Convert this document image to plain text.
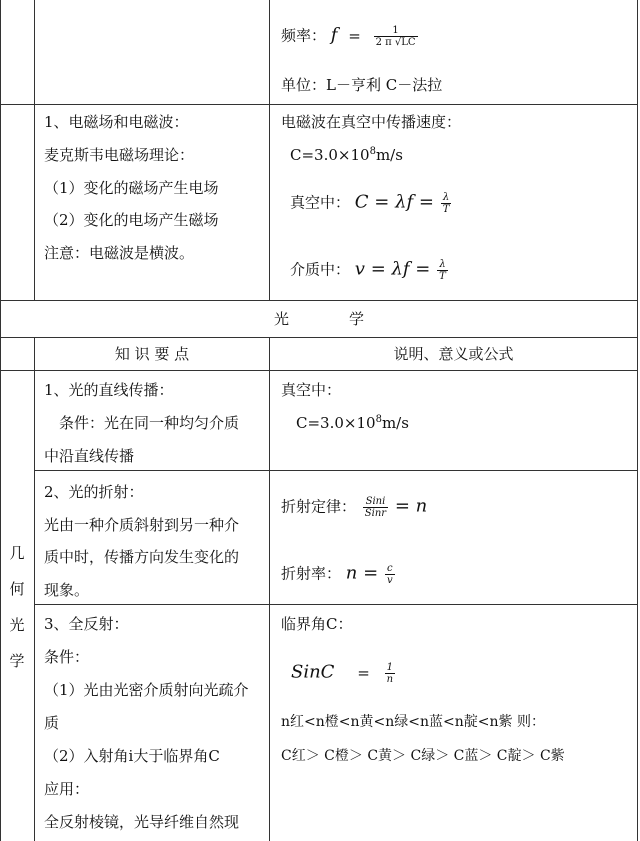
频率： $f = \frac{1}{2 \pi √LC}$
单位：L－亨利 C－法拉
1、电磁场和电磁波：
麦克斯韦电磁场理论：
（1）变化的磁场产生电场
（2）变化的电场产生磁场
注意：电磁波是横波。
电磁波在真空中传播速度：
$C=3.0\times 10^8m/s$
真空中： $C = \lambda f = \frac{\lambda}{T}$
介质中： $v = \lambda f = \frac{\lambda}{T}$
光　　　　学
知 识 要 点	说明、意义或公式
几
何
光
学
1、光的直线传播：
　条件：光在同一种均匀介质
中沿直线传播
真空中：
$C=3.0\times 10^8m/s$
2、光的折射：
光由一种介质斜射到另一种介
质中时，传播方向发生变化的
现象。
折射定律： $\frac{\text{Sini}}{\text{Sinr}} = n$
折射率： $n = \frac{c}{v}$
3、全反射：
条件：
（1）光由光密介质射向光疏介
质
（2）入射角i大于临界角C
应用：
全反射棱镜，光导纤维自然现
临界角C：
SinC = $\frac{1}{n}$
n红<n橙<n黄<n绿<n蓝<n靛<n紫 则：
C红＞ C橙＞ C黄＞ C绿＞ C蓝＞ C靛＞ C紫
